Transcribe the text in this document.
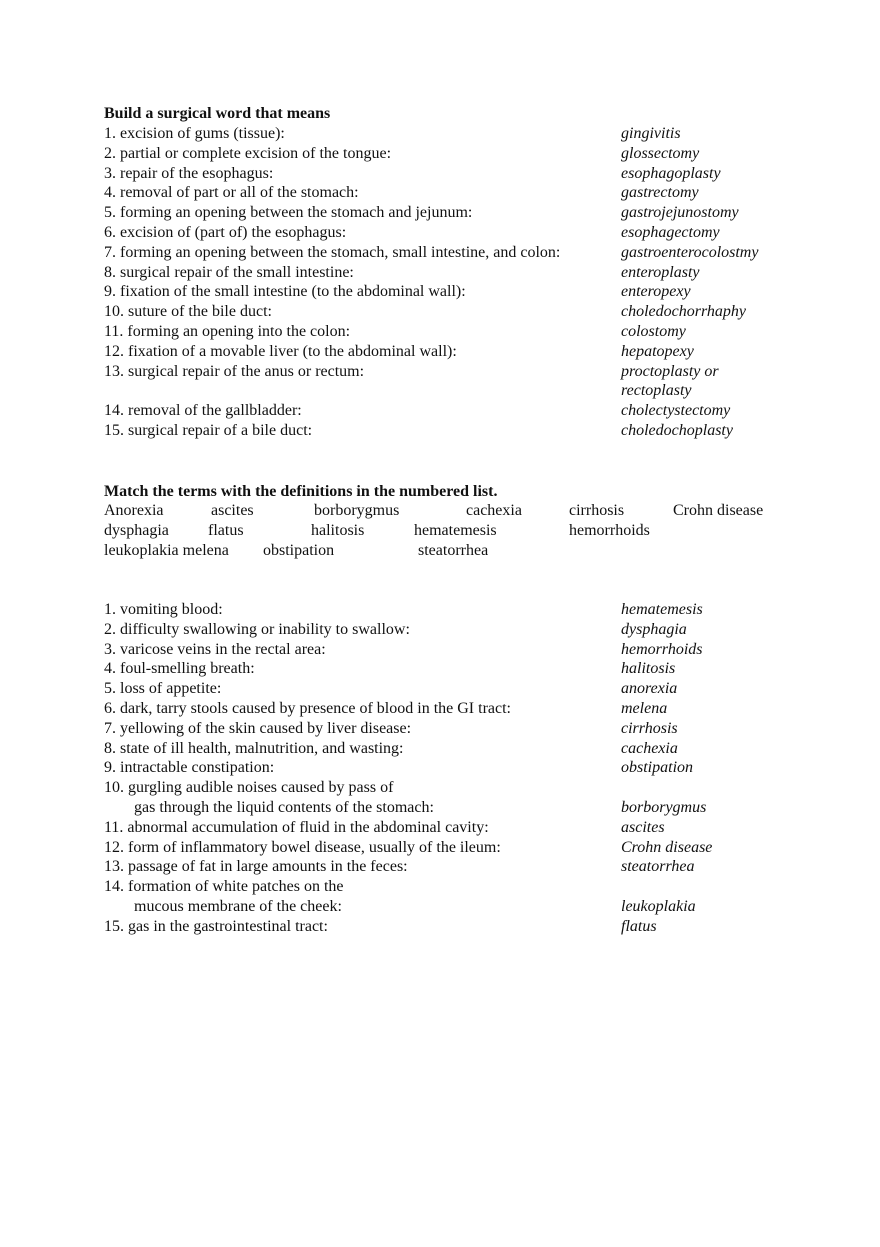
Build a surgical word that means
1. excision of gums (tissue):	gingivitis
2. partial or complete excision of the tongue:	glossectomy
3. repair of the esophagus:	esophagoplasty
4. removal of part or all of the stomach:	gastrectomy
5. forming an opening between the stomach and jejunum:	gastrojejunostomy
6. excision of (part of) the esophagus:	esophagectomy
7. forming an opening between the stomach, small intestine, and colon:	gastroenterocolostmy
8. surgical repair of the small intestine:	enteroplasty
9. fixation of the small intestine (to the abdominal wall):	enteropexy
10. suture of the bile duct:	choledochorrhaphy
11. forming an opening into the colon:	colostomy
12. fixation of a movable liver (to the abdominal wall):	hepatopexy
13. surgical repair of the anus or rectum:	proctoplasty or
rectoplasty
14. removal of the gallbladder:	cholectystectomy
15. surgical repair of a bile duct:	choledochoplasty
Match the terms with the definitions in the numbered list.
Anorexia	ascites	borborygmus	cachexia	cirrhosis	Crohn disease
dysphagia flatus	halitosis	hematemesis	hemorrhoids
leukoplakia melena obstipation	steatorrhea
1. vomiting blood:	hematemesis
2. difficulty swallowing or inability to swallow:	dysphagia
3. varicose veins in the rectal area:	hemorrhoids
4. foul-smelling breath:	halitosis
5. loss of appetite:	anorexia
6. dark, tarry stools caused by presence of blood in the GI tract:	melena
7. yellowing of the skin caused by liver disease:	cirrhosis
8. state of ill health, malnutrition, and wasting:	cachexia
9. intractable constipation:	obstipation
10. gurgling audible noises caused by pass of
gas through the liquid contents of the stomach:	borborygmus
11. abnormal accumulation of fluid in the abdominal cavity:	ascites
12. form of inflammatory bowel disease, usually of the ileum:	Crohn disease
13. passage of fat in large amounts in the feces:	steatorrhea
14. formation of white patches on the
mucous membrane of the cheek:	leukoplakia
15. gas in the gastrointestinal tract:	flatus
